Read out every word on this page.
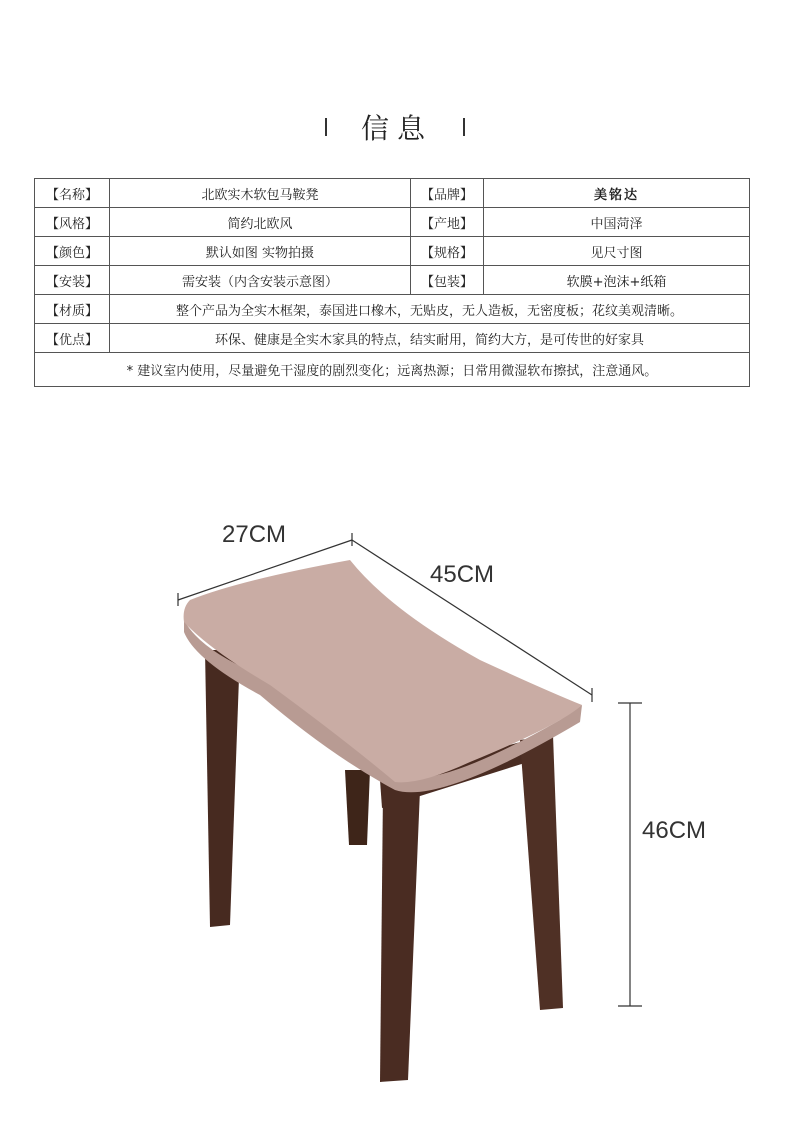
信息
【名称】	北欧实木软包马鞍凳	【品牌】	美铭达
【风格】	简约北欧风	【产地】	中国菏泽
【颜色】	默认如图 实物拍摄	【规格】	见尺寸图
【安装】	需安装（内含安装示意图）	【包装】	软膜+泡沫+纸箱
【材质】	整个产品为全实木框架，泰国进口橡木，无贴皮，无人造板，无密度板；花纹美观清晰。		
【优点】	环保、健康是全实木家具的特点，结实耐用，简约大方，是可传世的好家具		
* 建议室内使用，尽量避免干湿度的剧烈变化；远离热源；日常用微湿软布擦拭，注意通风。			
27CM
45CM
46CM
